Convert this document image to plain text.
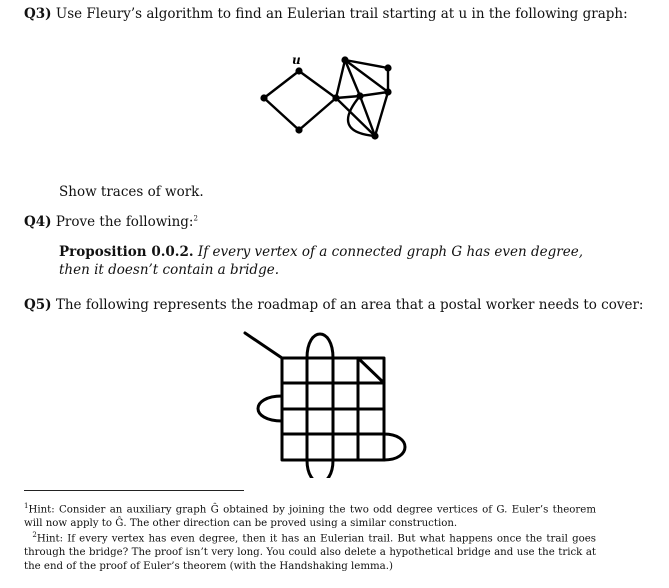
Q3) Use Fleury’s algorithm to find an Eulerian trail starting at u in the following graph:
u
Show traces of work.
Q4) Prove the following:$^2$
Proposition 0.0.2. If every vertex of a connected graph G has even degree, then it doesn’t contain a bridge.
Q5) The following represents the roadmap of an area that a postal worker needs to cover:
$^1$Hint: Consider an auxiliary graph Ĝ obtained by joining the two odd degree vertices of G. Euler’s theorem will now apply to Ĝ. The other direction can be proved using a similar construction.
$^2$Hint: If every vertex has even degree, then it has an Eulerian trail. But what happens once the trail goes through the bridge? The proof isn’t very long. You could also delete a hypothetical bridge and use the trick at the end of the proof of Euler’s theorem (with the Handshaking lemma.)
